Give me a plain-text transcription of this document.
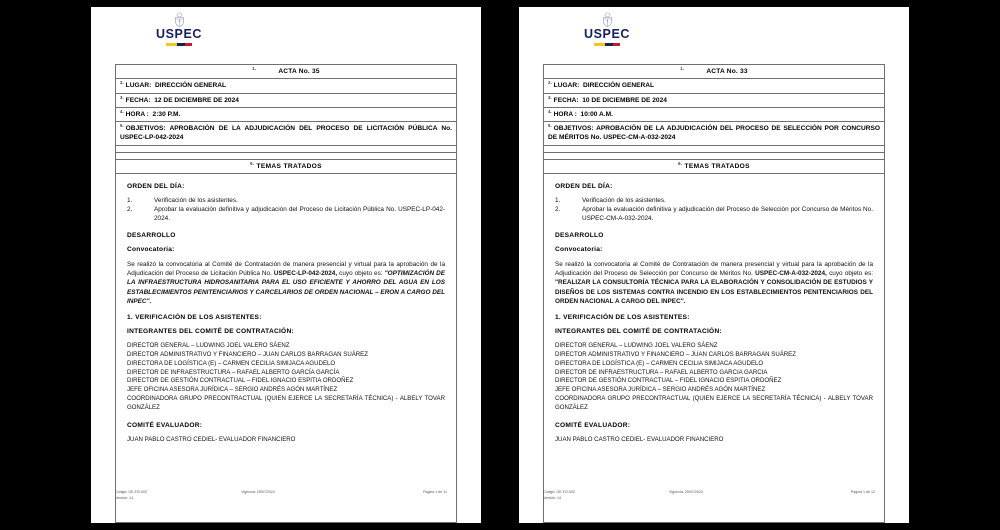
USPEC
$^{1.}$	ACTA No. 35
$^{2.}$ LUGAR: DIRECCIÓN GENERAL
$^{3.}$ FECHA: 12 DE DICIEMBRE DE 2024
$^{4.}$ HORA : 2:30 P.M.
$^{5.}$ OBJETIVOS: APROBACIÓN DE LA ADJUDICACIÓN DEL PROCESO DE LICITACIÓN PÚBLICA No. USPEC-LP-042-2024

$^{6.}$ TEMAS TRATADOS
ORDEN DEL DÍA:
1.	Verificación de los asistentes.
2.	Aprobar la evaluación definitiva y adjudicación del Proceso de Licitación Pública No. USPEC-LP-042-2024.
DESARROLLO
Convocatoria:

Se realizó la convocatoria al Comité de Contratación de manera presencial y virtual para la aprobación de la Adjudicación del Proceso de Licitación Pública No. USPEC-LP-042-2024, cuyo objeto es: "OPTIMIZACIÓN DE LA INFRAESTRUCTURA HIDROSANITARIA PARA EL USO EFICIENTE Y AHORRO DEL AGUA EN LOS ESTABLECIMIENTOS PENITENCIARIOS Y CARCELARIOS DE ORDEN NACIONAL – ERON A CARGO DEL INPEC".

1. VERIFICACIÓN DE LOS ASISTENTES:
INTEGRANTES DEL COMITÉ DE CONTRATACIÓN:
DIRECTOR GENERAL – LUDWING JOEL VALERO SÁENZ
DIRECTOR ADMINISTRATIVO Y FINANCIERO – JUAN CARLOS BARRAGAN SUÁREZ
DIRECTORA DE LOGÍSTICA (E) – CARMEN CECILIA SIMIJACA AGUDELO
DIRECTOR DE INFRAESTRUCTURA – RAFAEL ALBERTO GARCÍA GARCÍA
DIRECTOR DE GESTIÓN CONTRACTUAL – FIDEL IGNACIO ESPITIA ORDOÑEZ
JEFE OFICINA ASESORA JURÍDICA – SERGIO ANDRÉS AGÓN MARTÍNEZ
COORDINADORA GRUPO PRECONTRACTUAL (QUIEN EJERCE LA SECRETARÍA TÉCNICA) - ALBELY TOVAR GONZÁLEZ
COMITÉ EVALUADOR:
JUAN PABLO CASTRO CEDIEL- EVALUADOR FINANCIERO
Código: GE-FO-002
Versión: 14
Vigencia: 25/07/2024	Pagina 1 de 11
USPEC
$^{1.}$	ACTA No. 33
$^{2.}$ LUGAR: DIRECCIÓN GENERAL
$^{3.}$ FECHA: 10 DE DICIEMBRE DE 2024
$^{4.}$ HORA : 10:00 A.M.
$^{5.}$ OBJETIVOS: APROBACIÓN DE LA ADJUDICACIÓN DEL PROCESO DE SELECCIÓN POR CONCURSO DE MÉRITOS No. USPEC-CM-A-032-2024

$^{6.}$ TEMAS TRATADOS
ORDEN DEL DÍA:
1.	Verificación de los asistentes.
2.	Aprobar la evaluación definitiva y adjudicación del Proceso de Selección por Concurso de Méritos No. USPEC-CM-A-032-2024.
DESARROLLO
Convocatoria:

Se realizó la convocatoria al Comité de Contratación de manera presencial y virtual para la aprobación de la Adjudicación del Proceso de Selección por Concurso de Méritos No. USPEC-CM-A-032-2024, cuyo objeto es: "REALIZAR LA CONSULTORÍA TÉCNICA PARA LA ELABORACIÓN Y CONSOLIDACIÓN DE ESTUDIOS Y DISEÑOS DE LOS SISTEMAS CONTRA INCENDIO EN LOS ESTABLECIMIENTOS PENITENCIARIOS DEL ORDEN NACIONAL A CARGO DEL INPEC".

1. VERIFICACIÓN DE LOS ASISTENTES:
INTEGRANTES DEL COMITÉ DE CONTRATACIÓN:
DIRECTOR GENERAL – LUDWING JOEL VALERO SÁENZ
DIRECTOR ADMINISTRATIVO Y FINANCIERO – JUAN CARLOS BARRAGAN SUÁREZ
DIRECTORA DE LOGÍSTICA (E) – CARMEN CECILIA SIMIJACA AGUDELO
DIRECTOR DE INFRAESTRUCTURA – RAFAEL ALBERTO GARCIA GARCIA
DIRECTOR DE GESTIÓN CONTRACTUAL – FIDEL IGNACIO ESPITIA ORDOÑEZ
JEFE OFICINA ASESORA JURÍDICA – SERGIO ANDRÉS AGÓN MARTÍNEZ
COORDINADORA GRUPO PRECONTRACTUAL (QUIEN EJERCE LA SECRETARÍA TÉCNICA) - ALBELY TOVAR GONZÁLEZ
COMITÉ EVALUADOR:
JUAN PABLO CASTRO CEDIEL- EVALUADOR FINANCIERO
Código: GE-FO-002
Versión: 14
Vigencia: 25/07/2024	Pagina 1 de 12
